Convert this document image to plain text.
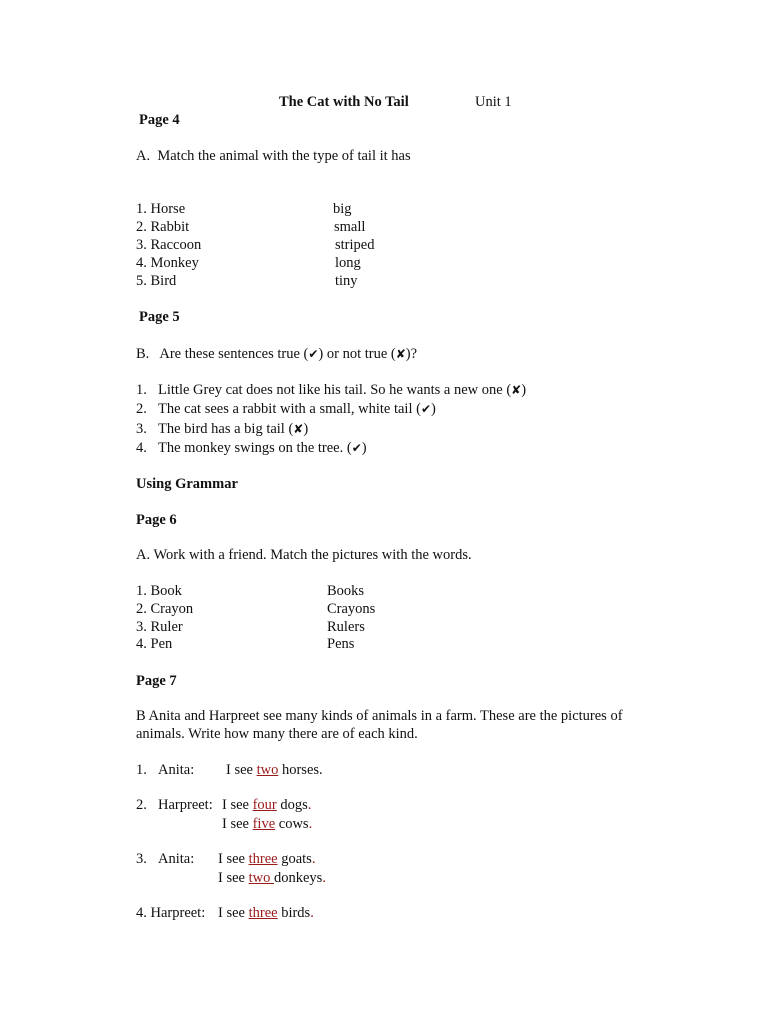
The Cat with No Tail	Unit 1
Page 4
A.  Match the animal with the type of tail it has
1. Horse
2. Rabbit
3. Raccoon
4. Monkey
5. Bird
big
small
striped
long
tiny
Page 5
B.   Are these sentences true (✔) or not true (✘)?
1. Little Grey cat does not like his tail. So he wants a new one (✘)
2. The cat sees a rabbit with a small, white tail (✔)
3. The bird has a big tail (✘)
4. The monkey swings on the tree. (✔)
Using Grammar
Page 6
A. Work with a friend. Match the pictures with the words.
1. Book
2. Crayon
3. Ruler
4. Pen
Books
Crayons
Rulers
Pens
Page 7
B Anita and Harpreet see many kinds of animals in a farm. These are the pictures of
animals. Write how many there are of each kind.
1. Anita: I see two horses.
2. Harpreet: I see four dogs.
I see five cows.
3. Anita: I see three goats.
I see two donkeys.
4. Harpreet: I see three birds.
